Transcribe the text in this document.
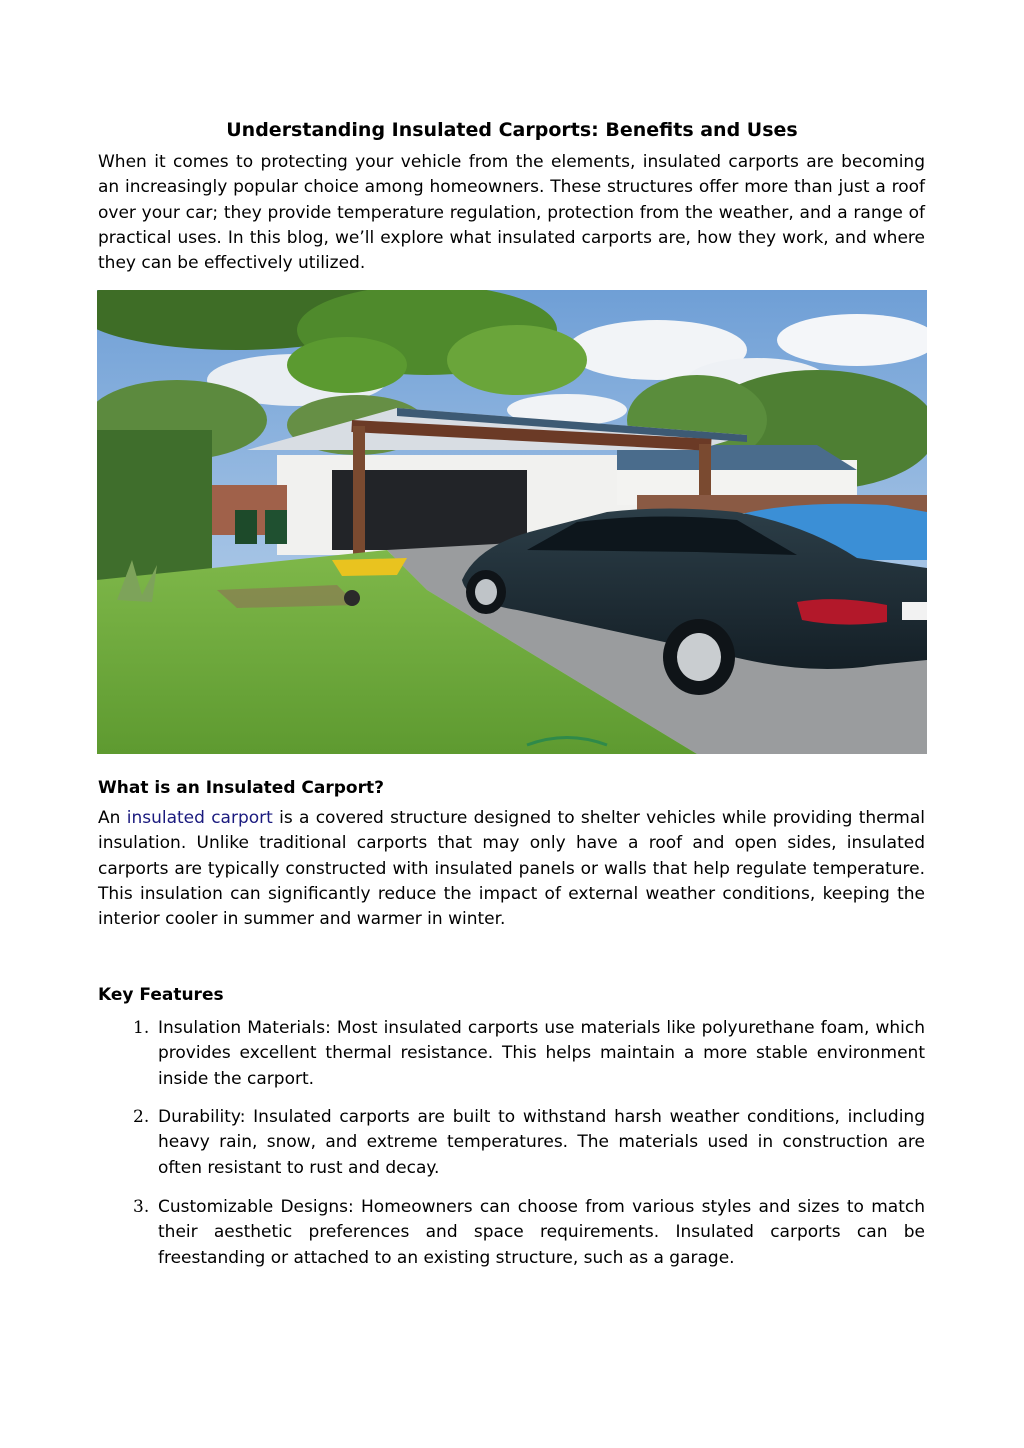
Understanding Insulated Carports: Benefits and Uses
When it comes to protecting your vehicle from the elements, insulated carports are becoming an increasingly popular choice among homeowners. These structures offer more than just a roof over your car; they provide temperature regulation, protection from the weather, and a range of practical uses. In this blog, we’ll explore what insulated carports are, how they work, and where they can be effectively utilized.
What is an Insulated Carport?
An insulated carport is a covered structure designed to shelter vehicles while providing thermal insulation. Unlike traditional carports that may only have a roof and open sides, insulated carports are typically constructed with insulated panels or walls that help regulate temperature. This insulation can significantly reduce the impact of external weather conditions, keeping the interior cooler in summer and warmer in winter.
Key Features
1. Insulation Materials: Most insulated carports use materials like polyurethane foam, which provides excellent thermal resistance. This helps maintain a more stable environment inside the carport.
2. Durability: Insulated carports are built to withstand harsh weather conditions, including heavy rain, snow, and extreme temperatures. The materials used in construction are often resistant to rust and decay.
3. Customizable Designs: Homeowners can choose from various styles and sizes to match their aesthetic preferences and space requirements. Insulated carports can be freestanding or attached to an existing structure, such as a garage.
